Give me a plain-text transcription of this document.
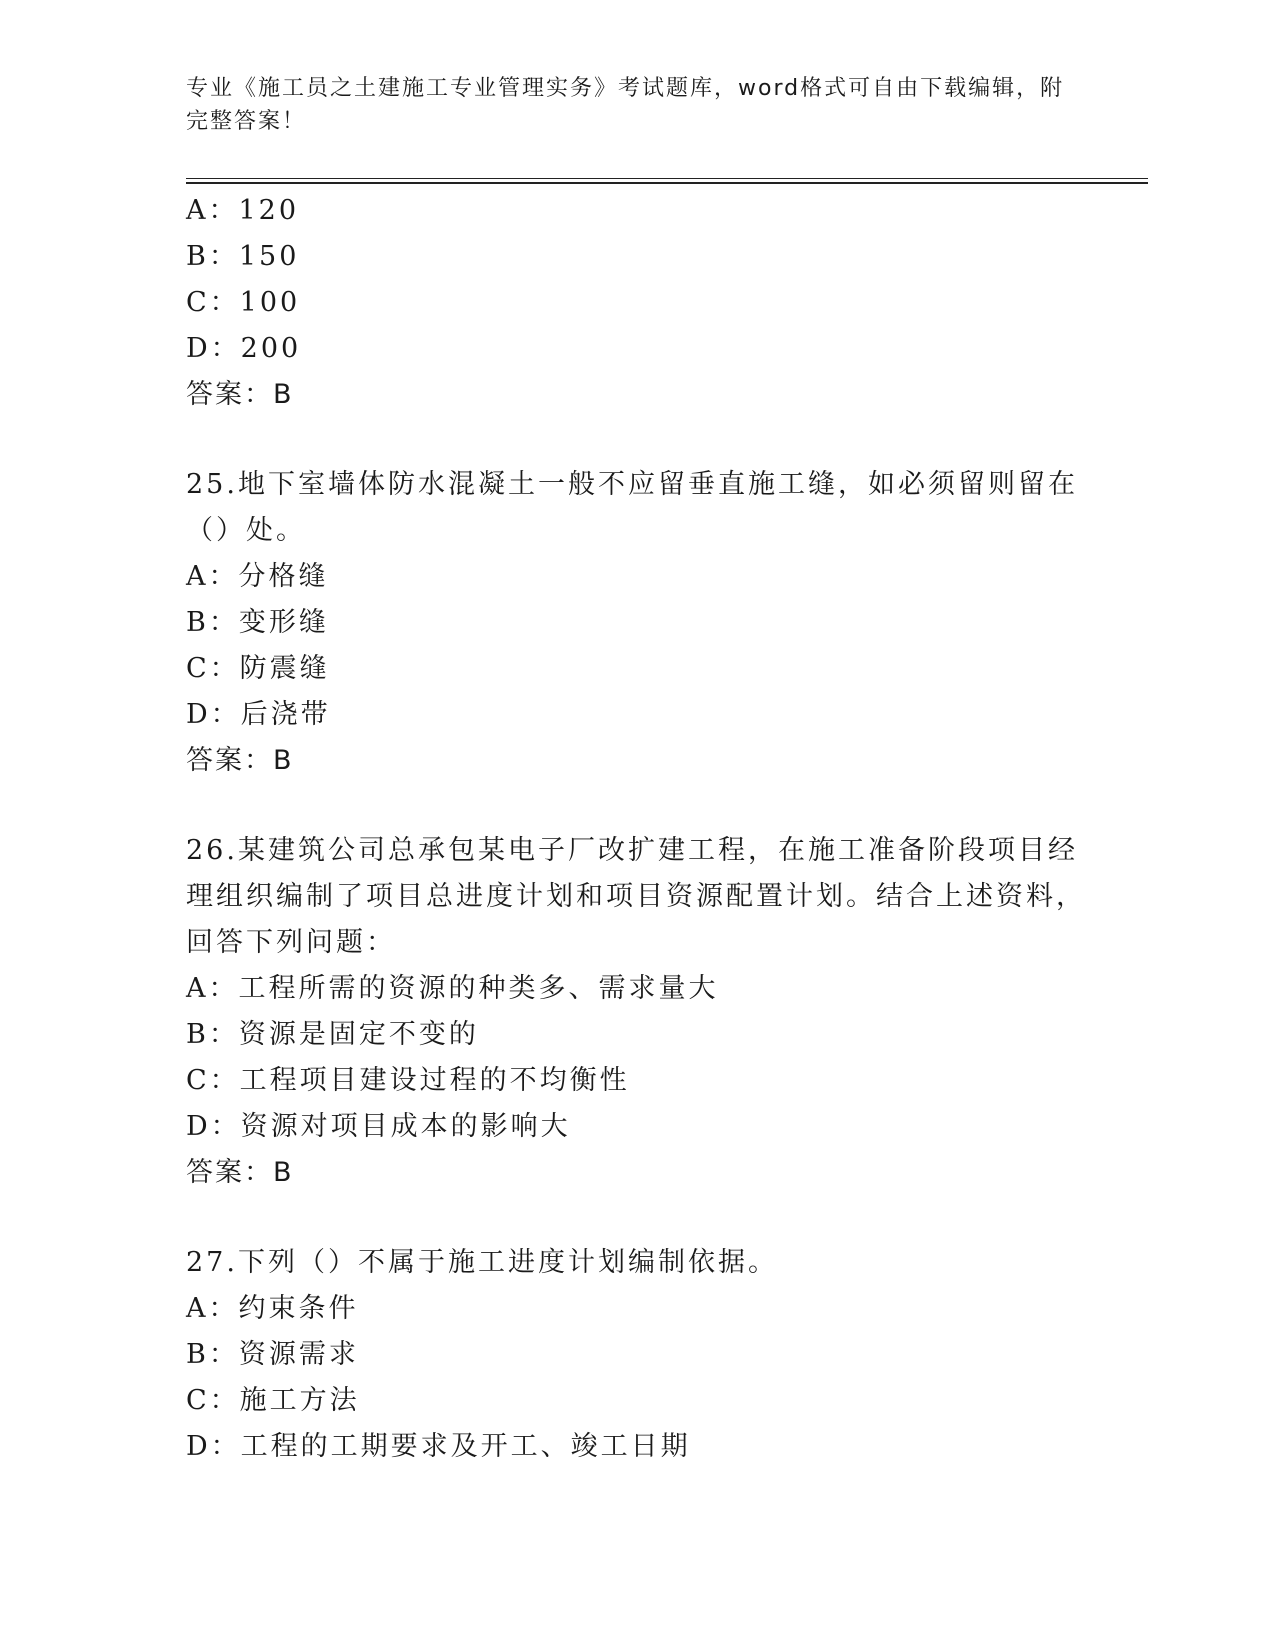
专业《施工员之土建施工专业管理实务》考试题库，word格式可自由下载编辑，附完整答案！
A：120
B：150
C：100
D：200
答案：B
25.地下室墙体防水混凝土一般不应留垂直施工缝，如必须留则留在（）处。
A：分格缝
B：变形缝
C：防震缝
D：后浇带
答案：B
26.某建筑公司总承包某电子厂改扩建工程，在施工准备阶段项目经理组织编制了项目总进度计划和项目资源配置计划。结合上述资料，回答下列问题：
A：工程所需的资源的种类多、需求量大
B：资源是固定不变的
C：工程项目建设过程的不均衡性
D：资源对项目成本的影响大
答案：B
27.下列（）不属于施工进度计划编制依据。
A：约束条件
B：资源需求
C：施工方法
D：工程的工期要求及开工、竣工日期
